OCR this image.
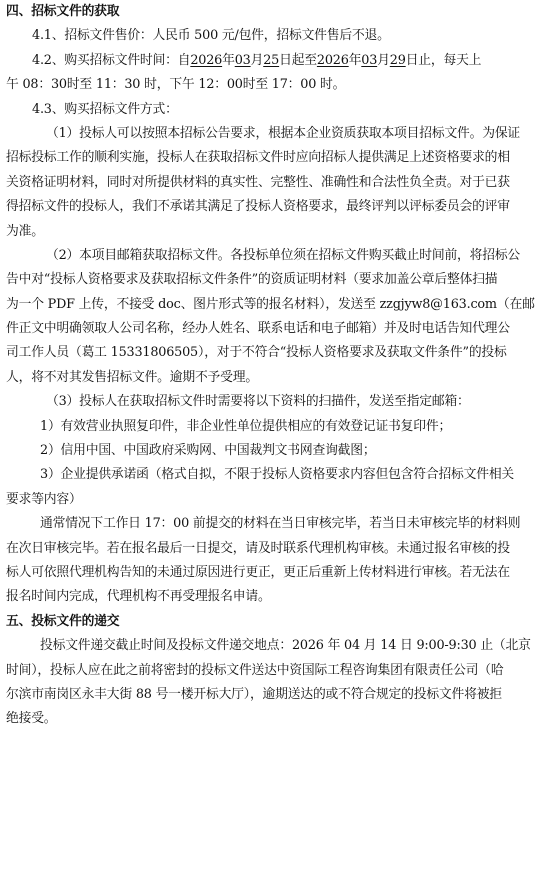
四、招标文件的获取
4.1、招标文件售价：人民币 500 元/包件，招标文件售后不退。
4.2、购买招标文件时间：自2026年03月25日起至2026年03月29日止，每天上
午 08：30时至 11：30 时，下午 12：00时至 17：00 时。
4.3、购买招标文件方式：
（1）投标人可以按照本招标公告要求，根据本企业资质获取本项目招标文件。为保证
招标投标工作的顺利实施，投标人在获取招标文件时应向招标人提供满足上述资格要求的相
关资格证明材料，同时对所提供材料的真实性、完整性、准确性和合法性负全责。对于已获
得招标文件的投标人，我们不承诺其满足了投标人资格要求，最终评判以评标委员会的评审
为准。
（2）本项目邮箱获取招标文件。各投标单位须在招标文件购买截止时间前，将招标公
告中对“投标人资格要求及获取招标文件条件”的资质证明材料（要求加盖公章后整体扫描
为一个 PDF 上传，不接受 doc、图片形式等的报名材料），发送至 zzgjyw8@163.com（在邮
件正文中明确领取人公司名称，经办人姓名、联系电话和电子邮箱）并及时电话告知代理公
司工作人员（葛工 15331806505），对于不符合“投标人资格要求及获取文件条件”的投标
人，将不对其发售招标文件。逾期不予受理。
（3）投标人在获取招标文件时需要将以下资料的扫描件，发送至指定邮箱：
1）有效营业执照复印件，非企业性单位提供相应的有效登记证书复印件；
2）信用中国、中国政府采购网、中国裁判文书网查询截图；
3）企业提供承诺函（格式自拟，不限于投标人资格要求内容但包含符合招标文件相关
要求等内容）
通常情况下工作日 17：00 前提交的材料在当日审核完毕，若当日未审核完毕的材料则
在次日审核完毕。若在报名最后一日提交，请及时联系代理机构审核。未通过报名审核的投
标人可依照代理机构告知的未通过原因进行更正，更正后重新上传材料进行审核。若无法在
报名时间内完成，代理机构不再受理报名申请。
五、投标文件的递交
投标文件递交截止时间及投标文件递交地点：2026 年 04 月 14 日 9:00-9:30 止（北京
时间），投标人应在此之前将密封的投标文件送达中资国际工程咨询集团有限责任公司（哈
尔滨市南岗区永丰大街 88 号一楼开标大厅），逾期送达的或不符合规定的投标文件将被拒
绝接受。
